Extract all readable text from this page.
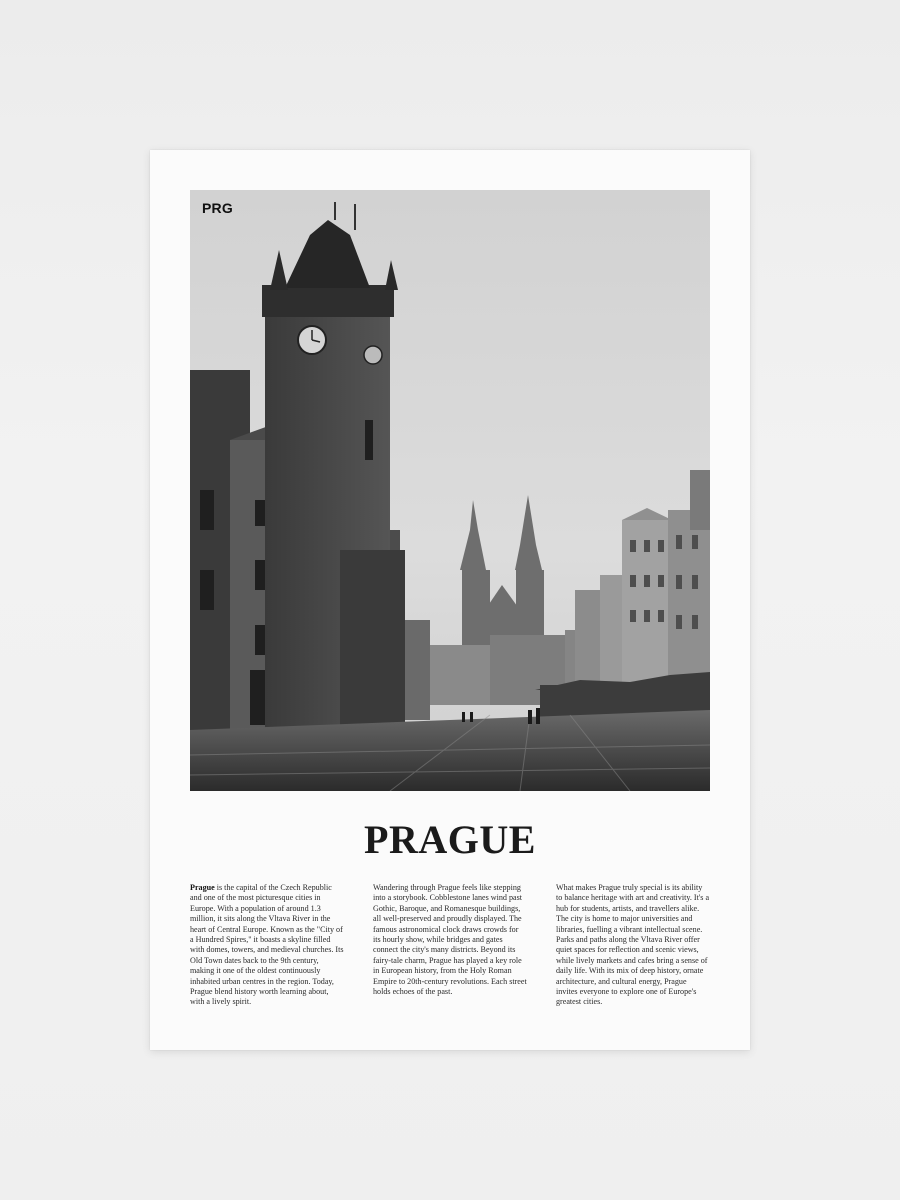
PRG
PRAGUE

Prague is the capital of the Czech Republic and one of the most picturesque cities in Europe. With a population of around 1.3 million, it sits along the Vltava River in the heart of Central Europe. Known as the "City of a Hundred Spires," it boasts a skyline filled with domes, towers, and medieval churches. Its Old Town dates back to the 9th century, making it one of the oldest continuously inhabited urban centres in the region. Today, Prague blend history worth learning about, with a lively spirit.

Wandering through Prague feels like stepping into a storybook. Cobblestone lanes wind past Gothic, Baroque, and Romanesque buildings, all well-preserved and proudly displayed. The famous astronomical clock draws crowds for its hourly show, while bridges and gates connect the city's many districts. Beyond its fairy-tale charm, Prague has played a key role in European history, from the Holy Roman Empire to 20th-century revolutions. Each street holds echoes of the past.

What makes Prague truly special is its ability to balance heritage with art and creativity. It's a hub for students, artists, and travellers alike. The city is home to major universities and libraries, fuelling a vibrant intellectual scene. Parks and paths along the Vltava River offer quiet spaces for reflection and scenic views, while lively markets and cafes bring a sense of daily life. With its mix of deep history, ornate architecture, and cultural energy, Prague invites everyone to explore one of Europe's greatest cities.
